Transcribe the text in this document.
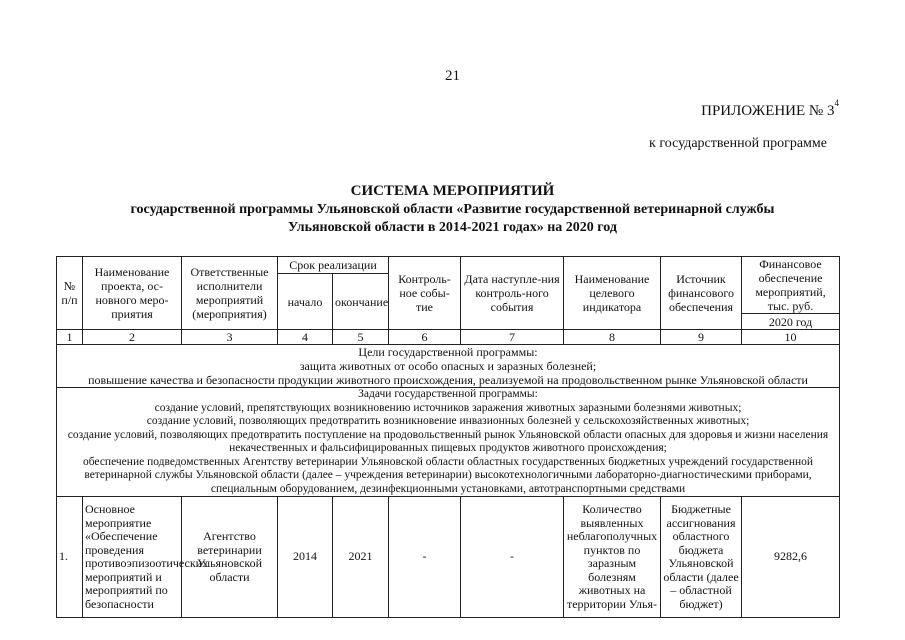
21
ПРИЛОЖЕНИЕ № $3^4$
к государственной программе
СИСТЕМА МЕРОПРИЯТИЙ
государственной программы Ульяновской области «Развитие государственной ветеринарной службы
Ульяновской области в 2014-2021 годах» на 2020 год
№ п/п	Наименование проекта, ос-новного меро-приятия	Ответственные исполнители мероприятий (мероприятия)	Срок реализации		Контроль-ное собы-тие	Дата наступле-ния контроль-ного события	Наименование целевого индикатора	Источник финансового обеспечения	Финансовое обеспечение мероприятий, тыс. руб.
			начало	окончание					
									2020 год
1	2	3	4	5	6	7	8	9	10

Цели государственной программы:
защита животных от особо опасных и заразных болезней;
повышение качества и безопасности продукции животного происхождения, реализуемой на продовольственном рынке Ульяновской области									

Задачи государственной программы:
создание условий, препятствующих возникновению источников заражения животных заразными болезнями животных;
создание условий, позволяющих предотвратить возникновение инвазионных болезней у сельскохозяйственных животных;
создание условий, позволяющих предотвратить поступление на продовольственный рынок Ульяновской области опасных для здоровья и жизни населения некачественных и фальсифицированных пищевых продуктов животного происхождения;
обеспечение подведомственных Агентству ветеринарии Ульяновской области областных государственных бюджетных учреждений государственной ветеринарной службы Ульяновской области (далее – учреждения ветеринарии) высокотехнологичными лабораторно-диагностическими приборами, специальным оборудованием, дезинфекционными установками, автотранспортными средствами									

1.	Основное мероприятие «Обеспечение проведения противоэпизоотических мероприятий и мероприятий по безопасности	Агентство ветеринарии Ульяновской области	2014	2021	-	-	Количество выявленных неблагополучных пунктов по заразным болезням животных на территории Улья-	Бюджетные ассигнования областного бюджета Ульяновской области (далее – областной бюджет)	9282,6
